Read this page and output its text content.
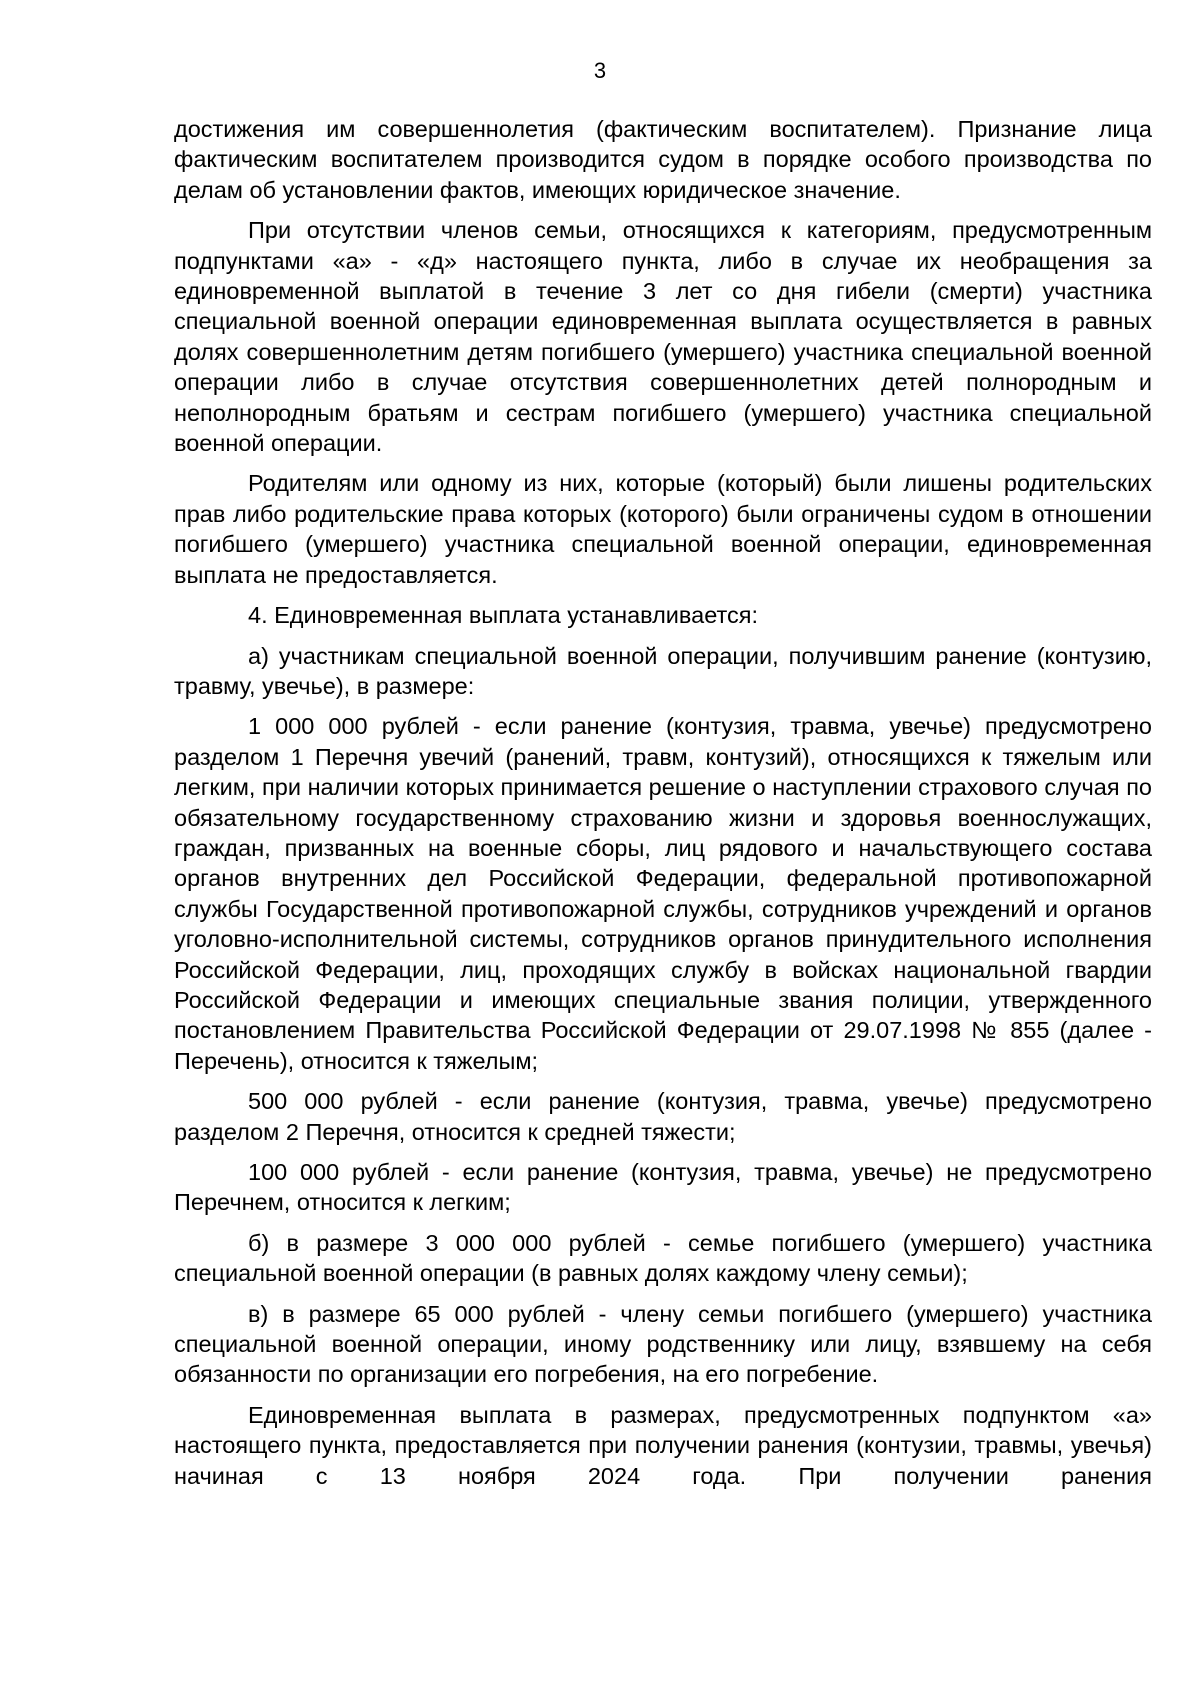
3

достижения им совершеннолетия (фактическим воспитателем). Признание лица фактическим воспитателем производится судом в порядке особого производства по делам об установлении фактов, имеющих юридическое значение.

При отсутствии членов семьи, относящихся к категориям, предусмотренным подпунктами «а» - «д» настоящего пункта, либо в случае их необращения за единовременной выплатой в течение 3 лет со дня гибели (смерти) участника специальной военной операции единовременная выплата осуществляется в равных долях совершеннолетним детям погибшего (умершего) участника специальной военной операции либо в случае отсутствия совершеннолетних детей полнородным и неполнородным братьям и сестрам погибшего (умершего) участника специальной военной операции.

Родителям или одному из них, которые (который) были лишены родительских прав либо родительские права которых (которого) были ограничены судом в отношении погибшего (умершего) участника специальной военной операции, единовременная выплата не предоставляется.

4. Единовременная выплата устанавливается:

а) участникам специальной военной операции, получившим ранение (контузию, травму, увечье), в размере:

1 000 000 рублей - если ранение (контузия, травма, увечье) предусмотрено разделом 1 Перечня увечий (ранений, травм, контузий), относящихся к тяжелым или легким, при наличии которых принимается решение о наступлении страхового случая по обязательному государственному страхованию жизни и здоровья военнослужащих, граждан, призванных на военные сборы, лиц рядового и начальствующего состава органов внутренних дел Российской Федерации, федеральной противопожарной службы Государственной противопожарной службы, сотрудников учреждений и органов уголовно-исполнительной системы, сотрудников органов принудительного исполнения Российской Федерации, лиц, проходящих службу в войсках национальной гвардии Российской Федерации и имеющих специальные звания полиции, утвержденного постановлением Правительства Российской Федерации от 29.07.1998 № 855 (далее - Перечень), относится к тяжелым;

500 000 рублей - если ранение (контузия, травма, увечье) предусмотрено разделом 2 Перечня, относится к средней тяжести;

100 000 рублей - если ранение (контузия, травма, увечье) не предусмотрено Перечнем, относится к легким;

б) в размере 3 000 000 рублей - семье погибшего (умершего) участника специальной военной операции (в равных долях каждому члену семьи);

в) в размере 65 000 рублей - члену семьи погибшего (умершего) участника специальной военной операции, иному родственнику или лицу, взявшему на себя обязанности по организации его погребения, на его погребение.

Единовременная выплата в размерах, предусмотренных подпунктом «а» настоящего пункта, предоставляется при получении ранения (контузии, травмы, увечья) начиная с 13 ноября 2024 года. При получении ранения
